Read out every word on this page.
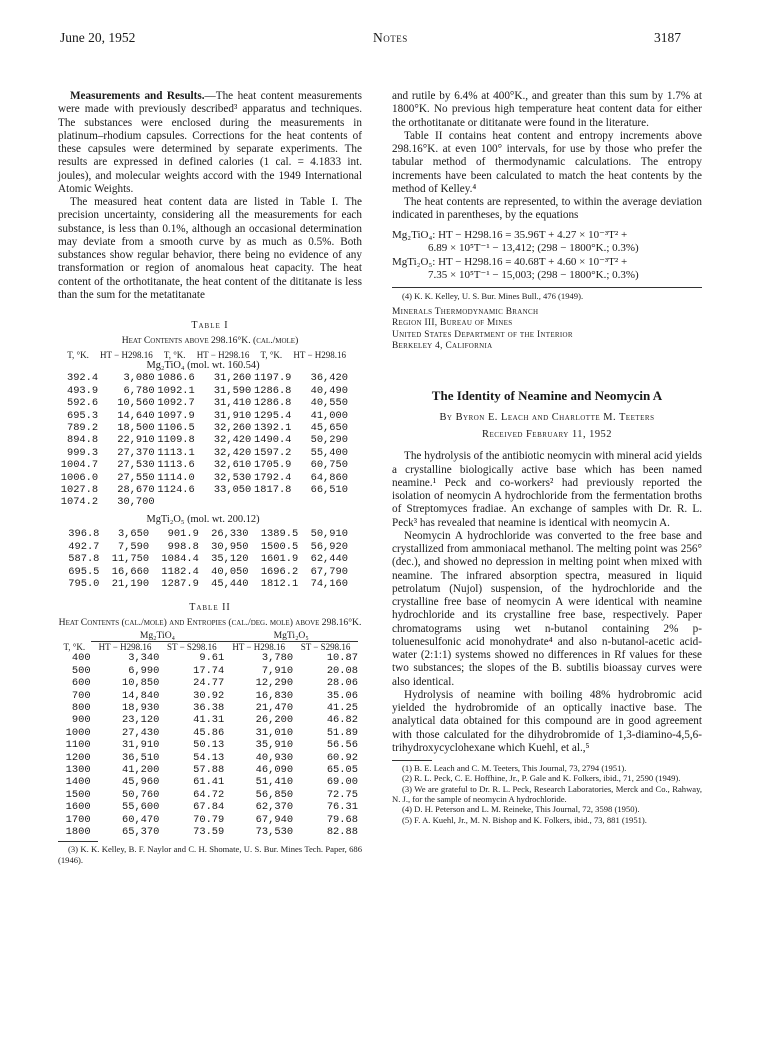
June 20, 1952	Notes	3187

Measurements and Results.—The heat content measurements were made with previously described³ apparatus and techniques. The substances were enclosed during the measurements in platinum–rhodium capsules. Corrections for the heat contents of these capsules were determined by separate experiments. The results are expressed in defined calories (1 cal. = 4.1833 int. joules), and molecular weights accord with the 1949 International Atomic Weights.

The measured heat content data are listed in Table I. The precision uncertainty, considering all the measurements for each substance, is less than 0.1%, although an occasional determination may deviate from a smooth curve by as much as 0.5%. Both substances show regular behavior, there being no evidence of any transformation or region of anomalous heat capacity. The heat content of the orthotitanate, the heat content of the dititanate is less than the sum for the metatitanate

Table I
Heat Contents above 298.16°K. (cal./mole)
T, °K.	HT − H298.16	T, °K.	HT − H298.16	T, °K.	HT − H298.16
Mg₂TiO₄ (mol. wt. 160.54)					
392.4	3,080	1086.6	31,260	1197.9	36,420
493.9	6,780	1092.1	31,590	1286.8	40,490
592.6	10,560	1092.7	31,410	1286.8	40,550
695.3	14,640	1097.9	31,910	1295.4	41,000
789.2	18,500	1106.5	32,260	1392.1	45,650
894.8	22,910	1109.8	32,420	1490.4	50,290
999.3	27,370	1113.1	32,420	1597.2	55,400
1004.7	27,530	1113.6	32,610	1705.9	60,750
1006.0	27,550	1114.0	32,530	1792.4	64,860
1027.8	28,670	1124.6	33,050	1817.8	66,510
1074.2	30,700				
MgTi₂O₅ (mol. wt. 200.12)					
396.8	3,650	901.9	26,330	1389.5	50,910
492.7	7,590	998.8	30,950	1500.5	56,920
587.8	11,750	1084.4	35,120	1601.9	62,440
695.5	16,660	1182.4	40,050	1696.2	67,790
795.0	21,190	1287.9	45,440	1812.1	74,160
Table II
Heat Contents (cal./mole) and Entropies (cal./deg. mole) above 298.16°K.
	Mg₂TiO₄		MgTi₂O₅	
T, °K.	HT − H298.16	ST − S298.16	HT − H298.16	ST − S298.16
400	3,340	9.61	3,780	10.87
500	6,990	17.74	7,910	20.08
600	10,850	24.77	12,290	28.06
700	14,840	30.92	16,830	35.06
800	18,930	36.38	21,470	41.25
900	23,120	41.31	26,200	46.82
1000	27,430	45.86	31,010	51.89
1100	31,910	50.13	35,910	56.56
1200	36,510	54.13	40,930	60.92
1300	41,200	57.88	46,090	65.05
1400	45,960	61.41	51,410	69.00
1500	50,760	64.72	56,850	72.75
1600	55,600	67.84	62,370	76.31
1700	60,470	70.79	67,940	79.68
1800	65,370	73.59	73,530	82.88
(3) K. K. Kelley, B. F. Naylor and C. H. Shomate, U. S. Bur. Mines Tech. Paper, 686 (1946).

and rutile by 6.4% at 400°K., and greater than this sum by 1.7% at 1800°K. No previous high temperature heat content data for either the orthotitanate or dititanate were found in the literature.

Table II contains heat content and entropy increments above 298.16°K. at even 100° intervals, for use by those who prefer the tabular method of thermodynamic calculations. The entropy increments have been calculated to match the heat contents by the method of Kelley.⁴

The heat contents are represented, to within the average deviation indicated in parentheses, by the equations

Mg₂TiO₄: HT − H298.16 = 35.96T + 4.27 × 10⁻³T² +
6.89 × 10⁵T⁻¹ − 13,412; (298 − 1800°K.; 0.3%)
MgTi₂O₅: HT − H298.16 = 40.68T + 4.60 × 10⁻³T² +
7.35 × 10⁵T⁻¹ − 15,003; (298 − 1800°K.; 0.3%)
(4) K. K. Kelley, U. S. Bur. Mines Bull., 476 (1949).
Minerals Thermodynamic Branch
Region III, Bureau of Mines
United States Department of the Interior
Berkeley 4, California
The Identity of Neamine and Neomycin A
By Byron E. Leach and Charlotte M. Teeters
Received February 11, 1952

The hydrolysis of the antibiotic neomycin with mineral acid yields a crystalline biologically active base which has been named neamine.¹ Peck and co-workers² had previously reported the isolation of neomycin A hydrochloride from the fermentation broths of Streptomyces fradiae. An exchange of samples with Dr. R. L. Peck³ has revealed that neamine is identical with neomycin A.

Neomycin A hydrochloride was converted to the free base and crystallized from ammoniacal methanol. The melting point was 256° (dec.), and showed no depression in melting point when mixed with neamine. The infrared absorption spectra, measured in liquid petrolatum (Nujol) suspension, of the hydrochloride and the crystalline free base of neomycin A were identical with neamine hydrochloride and its crystalline free base, respectively. Paper chromatograms using wet n-butanol containing 2% p-toluenesulfonic acid monohydrate⁴ and also n-butanol-acetic acid-water (2:1:1) systems showed no differences in Rf values for these two substances; the slopes of the B. subtilis bioassay curves were also identical.

Hydrolysis of neamine with boiling 48% hydrobromic acid yielded the hydrobromide of an optically inactive base. The analytical data obtained for this compound are in good agreement with those calculated for the dihydrobromide of 1,3-diamino-4,5,6-trihydroxycyclohexane which Kuehl, et al.,⁵

(1) B. E. Leach and C. M. Teeters, This Journal, 73, 2794 (1951).
(2) R. L. Peck, C. E. Hoffhine, Jr., P. Gale and K. Folkers, ibid., 71, 2590 (1949).
(3) We are grateful to Dr. R. L. Peck, Research Laboratories, Merck and Co., Rahway, N. J., for the sample of neomycin A hydrochloride.
(4) D. H. Peterson and L. M. Reineke, This Journal, 72, 3598 (1950).
(5) F. A. Kuehl, Jr., M. N. Bishop and K. Folkers, ibid., 73, 881 (1951).
